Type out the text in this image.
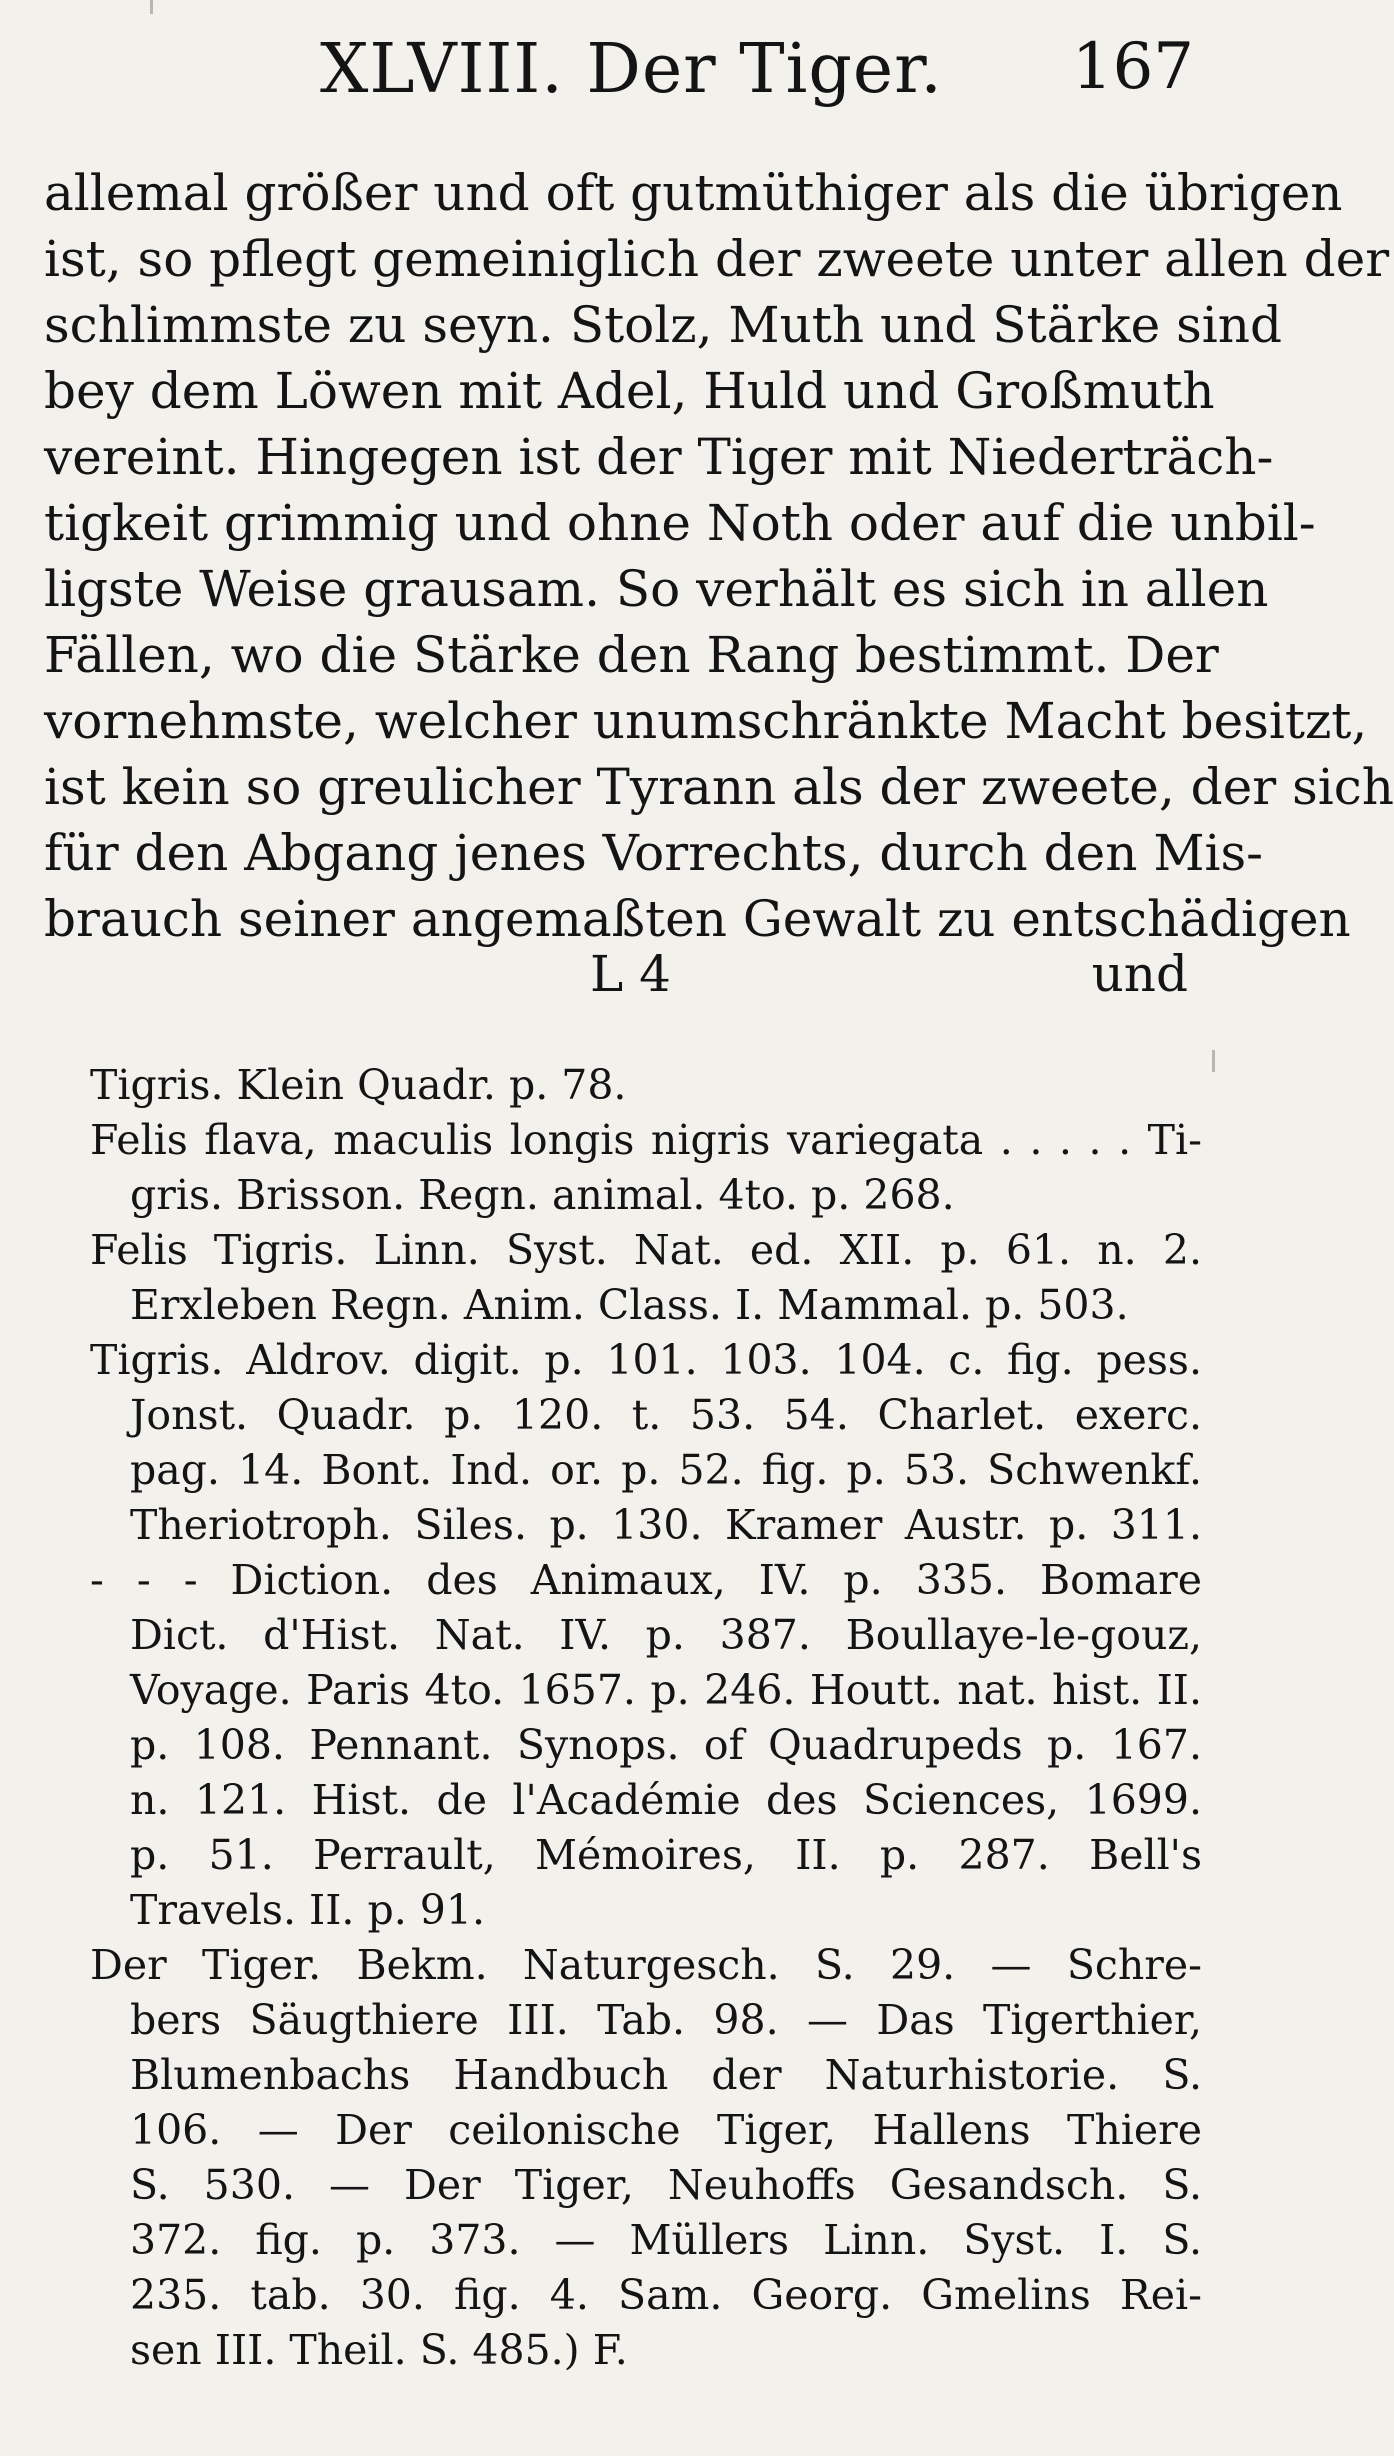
XLVIII. Der Tiger. 167
allemal größer und oft gutmüthiger als die übrigen
ist, so pflegt gemeiniglich der zweete unter allen der
schlimmste zu seyn. Stolz, Muth und Stärke sind
bey dem Löwen mit Adel, Huld und Großmuth
vereint. Hingegen ist der Tiger mit Niederträch-
tigkeit grimmig und ohne Noth oder auf die unbil-
ligste Weise grausam. So verhält es sich in allen
Fällen, wo die Stärke den Rang bestimmt. Der
vornehmste, welcher unumschränkte Macht besitzt,
ist kein so greulicher Tyrann als der zweete, der sich
für den Abgang jenes Vorrechts, durch den Mis-
brauch seiner angemaßten Gewalt zu entschädigen
L 4	und
Tigris. Klein Quadr. p. 78.
Felis flava, maculis longis nigris variegata . . . . . Ti-
gris. Brisson. Regn. animal. 4to. p. 268.
Felis Tigris. Linn. Syst. Nat. ed. XII. p. 61. n. 2.
Erxleben Regn. Anim. Class. I. Mammal. p. 503.
Tigris. Aldrov. digit. p. 101. 103. 104. c. fig. pess.
Jonst. Quadr. p. 120. t. 53. 54. Charlet. exerc.
pag. 14. Bont. Ind. or. p. 52. fig. p. 53. Schwenkf.
Theriotroph. Siles. p. 130. Kramer Austr. p. 311.
- - - Diction. des Animaux, IV. p. 335. Bomare
Dict. d'Hist. Nat. IV. p. 387. Boullaye-le-gouz,
Voyage. Paris 4to. 1657. p. 246. Houtt. nat. hist. II.
p. 108. Pennant. Synops. of Quadrupeds p. 167.
n. 121. Hist. de l'Académie des Sciences, 1699.
p. 51. Perrault, Mémoires, II. p. 287. Bell's
Travels. II. p. 91.
Der Tiger. Bekm. Naturgesch. S. 29. — Schre-
bers Säugthiere III. Tab. 98. — Das Tigerthier,
Blumenbachs Handbuch der Naturhistorie. S.
106. — Der ceilonische Tiger, Hallens Thiere
S. 530. — Der Tiger, Neuhoffs Gesandsch. S.
372. fig. p. 373. — Müllers Linn. Syst. I. S.
235. tab. 30. fig. 4. Sam. Georg. Gmelins Rei-
sen III. Theil. S. 485.) F.
